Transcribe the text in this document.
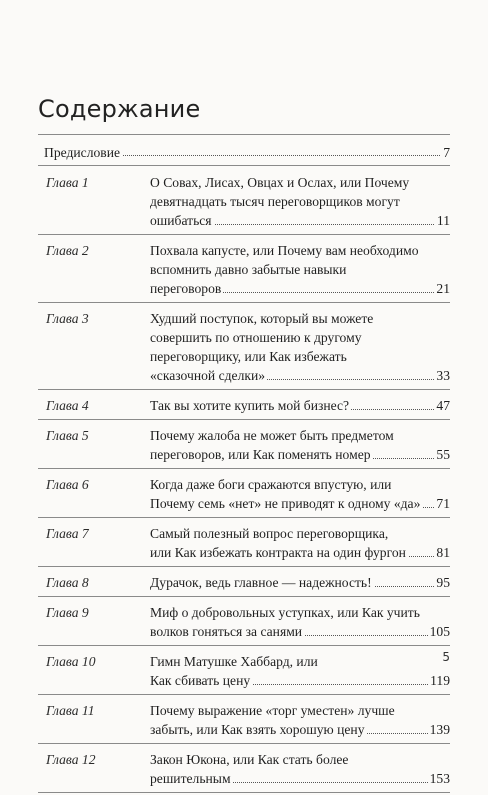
Содержание
Предисловие	7
Глава 1	О Совах, Лисах, Овцах и Ослах, или Почему
девятнадцать тысяч переговорщиков могут
ошибаться	11
Глава 2	Похвала капусте, или Почему вам необходимо
вспомнить давно забытые навыки
переговоров	21
Глава 3	Худший поступок, который вы можете
совершить по отношению к другому
переговорщику, или Как избежать
«сказочной сделки»	33
Глава 4	Так вы хотите купить мой бизнес?	47
Глава 5	Почему жалоба не может быть предметом
переговоров, или Как поменять номер	55
Глава 6	Когда даже боги сражаются впустую, или
Почему семь «нет» не приводят к одному «да» 71
Глава 7	Самый полезный вопрос переговорщика,
или Как избежать контракта на один фургон 81
Глава 8	Дурачок, ведь главное — надежность!	95
Глава 9	Миф о добровольных уступках, или Как учить
волков гоняться за санями	105
Глава 10	Гимн Матушке Хаббард, или
Как сбивать цену	119
Глава 11	Почему выражение «торг уместен» лучше
забыть, или Как взять хорошую цену	139
Глава 12	Закон Юкона, или Как стать более
решительным	153
5
